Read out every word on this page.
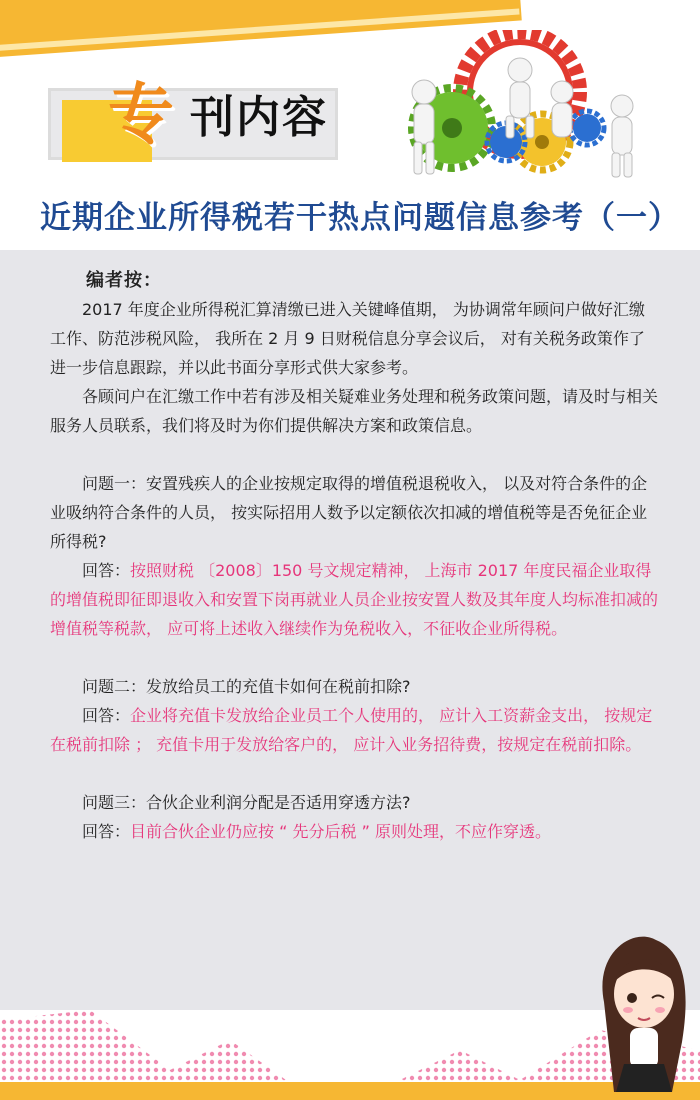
专 刊内容
近期企业所得税若干热点问题信息参考（一）

编者按：

2017 年度企业所得税汇算清缴已进入关键峰值期， 为协调常年顾问户做好汇缴工作、防范涉税风险， 我所在 2 月 9 日财税信息分享会议后， 对有关税务政策作了进一步信息跟踪，并以此书面分享形式供大家参考。

各顾问户在汇缴工作中若有涉及相关疑难业务处理和税务政策问题，请及时与相关服务人员联系，我们将及时为你们提供解决方案和政策信息。

问题一：安置残疾人的企业按规定取得的增值税退税收入， 以及对符合条件的企业吸纳符合条件的人员， 按实际招用人数予以定额依次扣减的增值税等是否免征企业所得税?

回答：按照财税 〔2008〕150 号文规定精神， 上海市 2017 年度民福企业取得的增值税即征即退收入和安置下岗再就业人员企业按安置人数及其年度人均标准扣减的增值税等税款， 应可将上述收入继续作为免税收入，不征收企业所得税。

问题二：发放给员工的充值卡如何在税前扣除?

回答：企业将充值卡发放给企业员工个人使用的， 应计入工资薪金支出， 按规定在税前扣除 ； 充值卡用于发放给客户的， 应计入业务招待费，按规定在税前扣除。

问题三：合伙企业利润分配是否适用穿透方法?

回答：目前合伙企业仍应按 “ 先分后税 ” 原则处理，不应作穿透。
